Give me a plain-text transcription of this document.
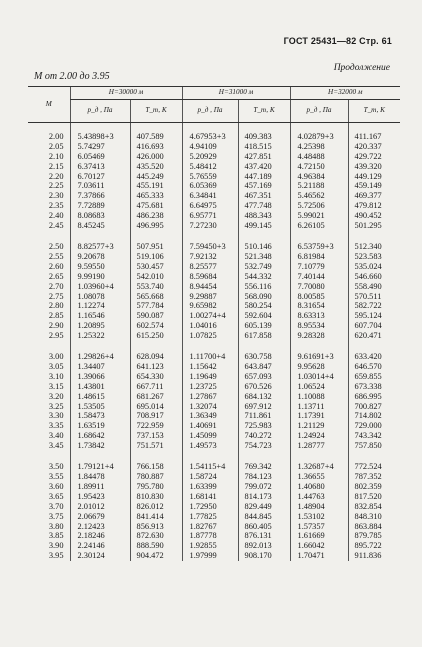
ГОСТ 25431—82 Стр. 61
Продолжение
M от 2.00 до 3.95
M	H=30000 м		H=31000 м		H=32000 м	
	p_д , Па	T_т, К	p_д , Па	T_т, К	p_д , Па	T_т, К

2.00	5.43898+3	407.589	4.67953+3	409.383	4.02879+3	411.167
2.05	5.74297	416.693	4.94109	418.515	4.25398	420.337
2.10	6.05469	426.000	5.20929	427.851	4.48488	429.722
2.15	6.37413	435.520	5.48412	437.420	4.72150	439.320
2.20	6.70127	445.249	5.76559	447.189	4.96384	449.129
2.25	7.03611	455.191	6.05369	457.169	5.21188	459.149
2.30	7.37866	465.333	6.34841	467.351	5.46562	469.377
2.35	7.72889	475.681	6.64975	477.748	5.72506	479.812
2.40	8.08683	486.238	6.95771	488.343	5.99021	490.452
2.45	8.45245	496.995	7.27230	499.145	6.26105	501.295

2.50	8.82577+3	507.951	7.59450+3	510.146	6.53759+3	512.340
2.55	9.20678	519.106	7.92132	521.348	6.81984	523.583
2.60	9.59550	530.457	8.25577	532.749	7.10779	535.024
2.65	9.99190	542.010	8.59684	544.332	7.40144	546.660
2.70	1.03960+4	553.740	8.94454	556.116	7.70080	558.490
2.75	1.08078	565.668	9.29887	568.090	8.00585	570.511
2.80	1.12274	577.784	9.65982	580.254	8.31654	582.722
2.85	1.16546	590.087	1.00274+4	592.604	8.63313	595.124
2.90	1.20895	602.574	1.04016	605.139	8.95534	607.704
2.95	1.25322	615.250	1.07825	617.858	9.28328	620.471

3.00	1.29826+4	628.094	1.11700+4	630.758	9.61691+3	633.420
3.05	1.34407	641.123	1.15642	643.847	9.95628	646.570
3.10	1.39066	654.330	1.19649	657.093	1.03014+4	659.855
3.15	1.43801	667.711	1.23725	670.526	1.06524	673.338
3.20	1.48615	681.267	1.27867	684.132	1.10088	686.995
3.25	1.53505	695.014	1.32074	697.912	1.13711	700.827
3.30	1.58473	708.917	1.36349	711.861	1.17391	714.802
3.35	1.63519	722.959	1.40691	725.983	1.21129	729.000
3.40	1.68642	737.153	1.45099	740.272	1.24924	743.342
3.45	1.73842	751.571	1.49573	754.723	1.28777	757.850

3.50	1.79121+4	766.158	1.54115+4	769.342	1.32687+4	772.524
3.55	1.84478	780.887	1.58724	784.123	1.36655	787.352
3.60	1.89911	795.780	1.63399	799.072	1.40680	802.359
3.65	1.95423	810.830	1.68141	814.173	1.44763	817.520
3.70	2.01012	826.012	1.72950	829.449	1.48904	832.854
3.75	2.06679	841.414	1.77825	844.845	1.53102	848.310
3.80	2.12423	856.913	1.82767	860.405	1.57357	863.884
3.85	2.18246	872.630	1.87778	876.131	1.61669	879.785
3.90	2.24146	888.590	1.92855	892.013	1.66042	895.722
3.95	2.30124	904.472	1.97999	908.170	1.70471	911.836
